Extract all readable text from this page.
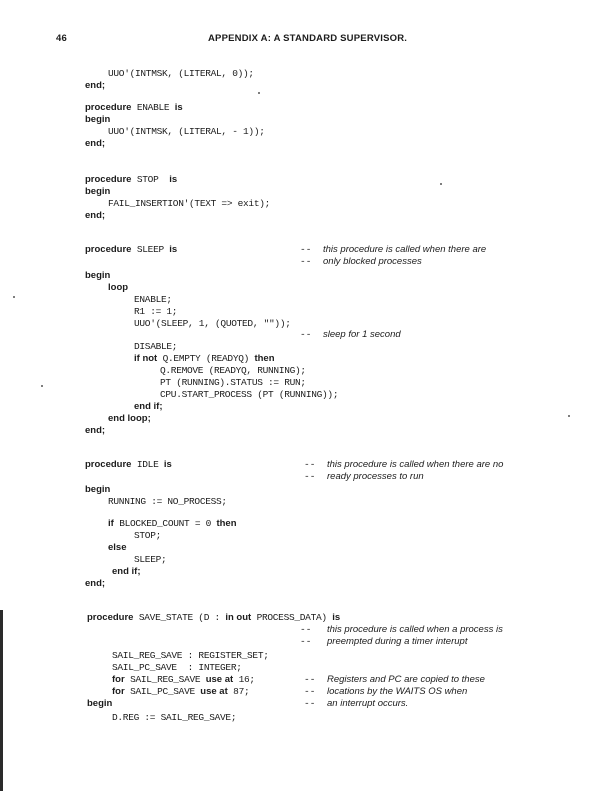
46	APPENDIX A: A STANDARD SUPERVISOR.
UUO'(INTMSK, (LITERAL, 0));
end;
procedure ENABLE is
begin
UUO'(INTMSK, (LITERAL, - 1));
end;
procedure STOP is
begin
FAIL_INSERTION'(TEXT => exit);
end;
procedure SLEEP is	-- this procedure is called when there are
-- only blocked processes
begin
loop
ENABLE;
R1 := 1;
UUO'(SLEEP, 1, (QUOTED, ""));
-- sleep for 1 second
DISABLE;
if not Q.EMPTY (READYQ) then
Q.REMOVE (READYQ, RUNNING);
PT (RUNNING).STATUS := RUN;
CPU.START_PROCESS (PT (RUNNING));
end if;
end loop;
end;
procedure IDLE is	-- this procedure is called when there are no
-- ready processes to run
begin
RUNNING := NO_PROCESS;
if BLOCKED_COUNT = 0 then
STOP;
else
SLEEP;
end if;
end;
procedure SAVE_STATE (D : in out PROCESS_DATA) is
-- this procedure is called when a process is
-- preempted during a timer interupt
SAIL_REG_SAVE : REGISTER_SET;
SAIL_PC_SAVE  : INTEGER;
for SAIL_REG_SAVE use at 16;	-- Registers and PC are copied to these
for SAIL_PC_SAVE use at 87;	-- locations by the WAITS OS when
begin	-- an interrupt occurs.
D.REG := SAIL_REG_SAVE;
